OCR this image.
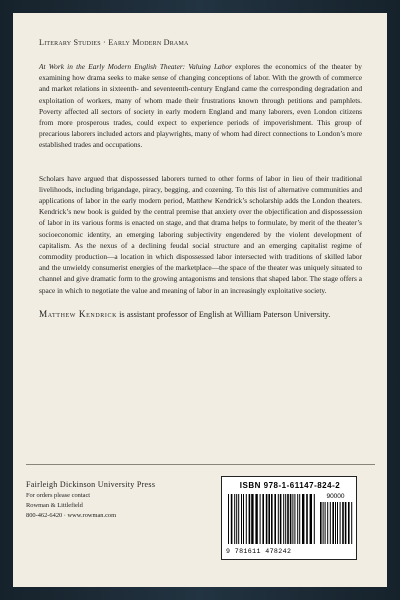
Literary Studies · Early Modern Drama

At Work in the Early Modern English Theater: Valuing Labor explores the economics of the theater by examining how drama seeks to make sense of changing conceptions of labor. With the growth of commerce and market relations in sixteenth- and seventeenth-century England came the corresponding degradation and exploitation of workers, many of whom made their frustrations known through petitions and pamphlets. Poverty affected all sectors of society in early modern England and many laborers, even London citizens from more prosperous trades, could expect to experience periods of impoverishment. This group of precarious laborers included actors and playwrights, many of whom had direct connections to London’s more established trades and occupations.

Scholars have argued that dispossessed laborers turned to other forms of labor in lieu of their traditional livelihoods, including brigandage, piracy, begging, and cozening. To this list of alternative communities and applications of labor in the early modern period, Matthew Kendrick’s scholarship adds the London theaters. Kendrick’s new book is guided by the central premise that anxiety over the objectification and dispossession of labor in its various forms is enacted on stage, and that drama helps to formulate, by merit of the theater’s socioeconomic identity, an emerging laboring subjectivity engendered by the violent development of capitalism. As the nexus of a declining feudal social structure and an emerging capitalist regime of commodity production—a location in which dispossessed labor intersected with traditions of skilled labor and the unwieldy consumerist energies of the marketplace—the space of the theater was uniquely situated to channel and give dramatic form to the growing antagonisms and tensions that shaped labor. The stage offers a space in which to negotiate the value and meaning of labor in an increasingly exploitative society.

Matthew Kendrick is assistant professor of English at William Paterson University.

Fairleigh Dickinson University Press
For orders please contact
Rowman & Littlefield
800-462-6420 · www.rowman.com
ISBN 978-1-61147-824-2
90000
9 781611 478242
